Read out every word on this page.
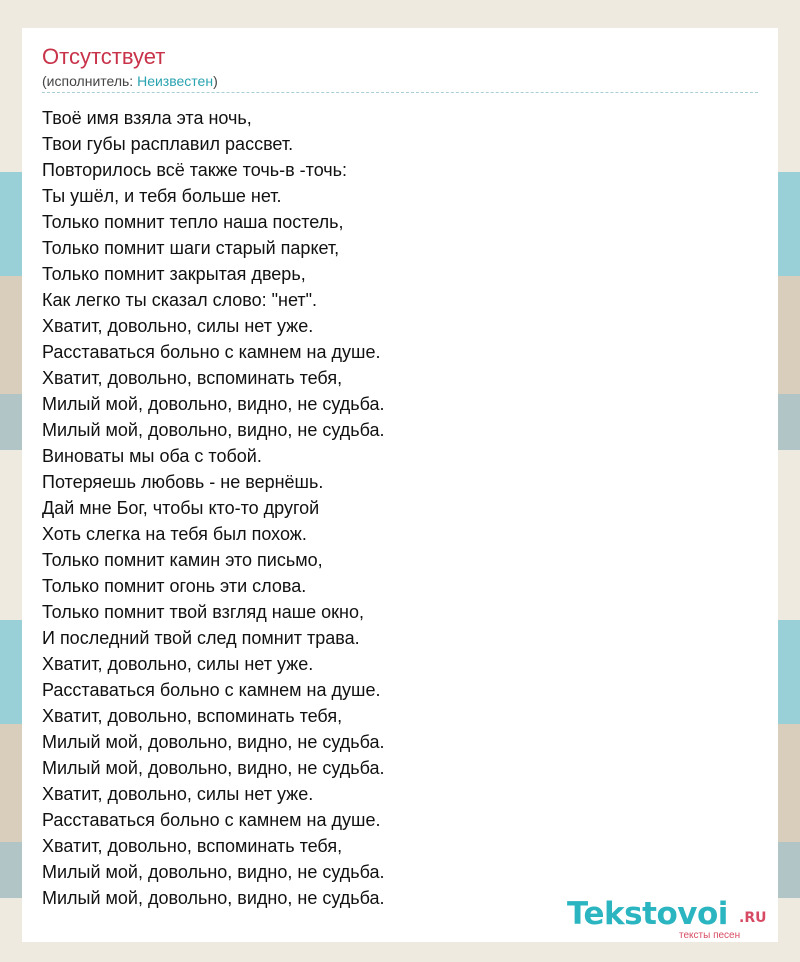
Отсутствует
(исполнитель: Неизвестен)
Твоё имя взяла эта ночь,
Твои губы расплавил рассвет.
Повторилось всё также точь-в -точь:
Ты ушёл, и тебя больше нет.
Только помнит тепло наша постель,
Только помнит шаги старый паркет,
Только помнит закрытая дверь,
Как легко ты сказал слово: "нет".
Хватит, довольно, силы нет уже.
Расставаться больно с камнем на душе.
Хватит, довольно, вспоминать тебя,
Милый мой, довольно, видно, не судьба.
Милый мой, довольно, видно, не судьба.
Виноваты мы оба с тобой.
Потеряешь любовь - не вернёшь.
Дай мне Бог, чтобы кто-то другой
Хоть слегка на тебя был похож.
Только помнит камин это письмо,
Только помнит огонь эти слова.
Только помнит твой взгляд наше окно,
И последний твой след помнит трава.
Хватит, довольно, силы нет уже.
Расставаться больно с камнем на душе.
Хватит, довольно, вспоминать тебя,
Милый мой, довольно, видно, не судьба.
Милый мой, довольно, видно, не судьба.
Хватит, довольно, силы нет уже.
Расставаться больно с камнем на душе.
Хватит, довольно, вспоминать тебя,
Милый мой, довольно, видно, не судьба.
Милый мой, довольно, видно, не судьба.	Tekstovoi .RU
тексты песен
